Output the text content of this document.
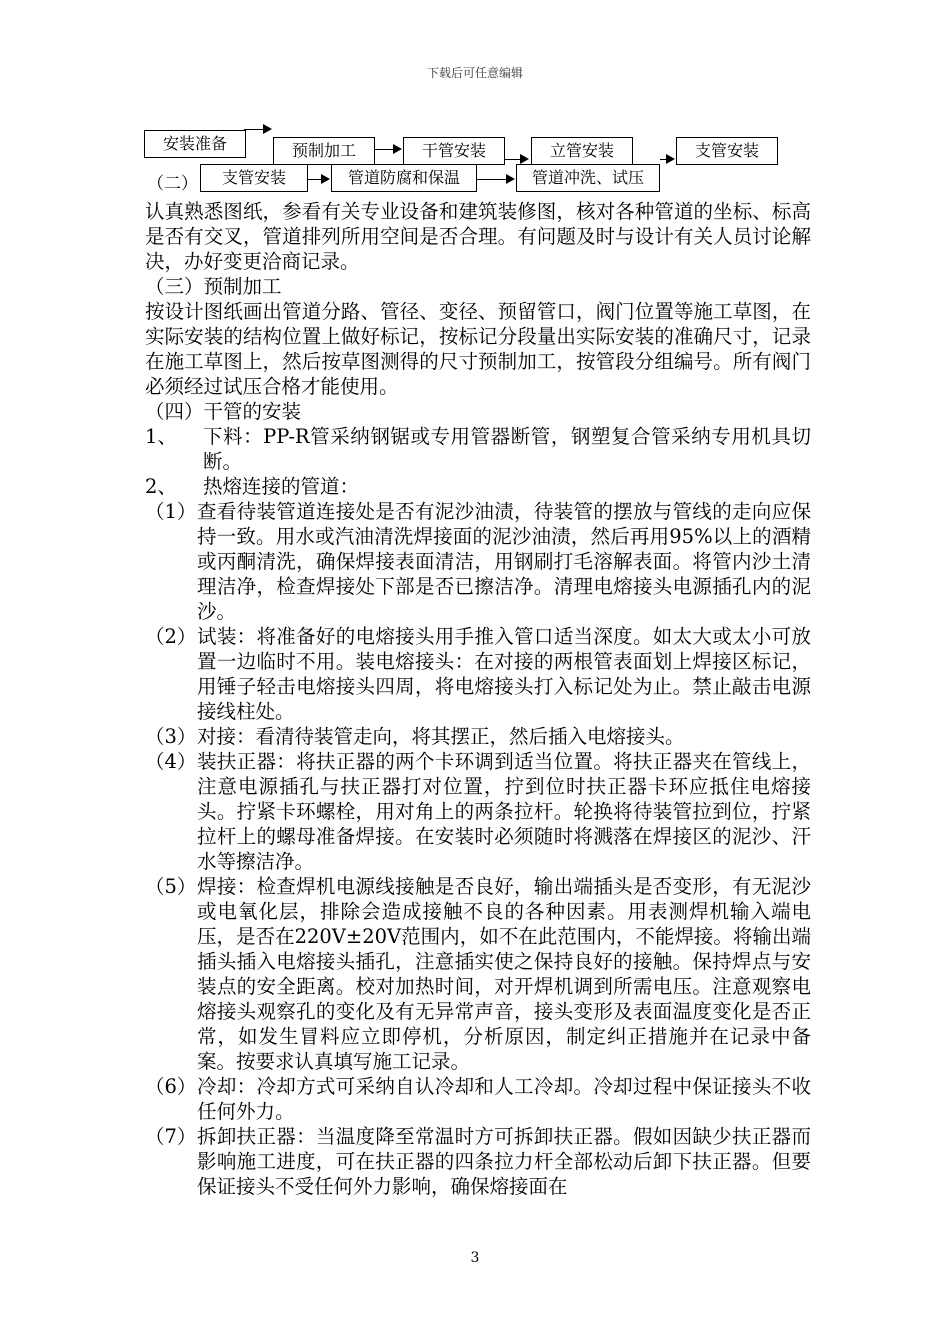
下载后可任意编辑
安装准备	预制加工	干管安装	立管安装	支管安装
支管安装	管道防腐和保温	管道冲洗、试压
（二）

认真熟悉图纸，参看有关专业设备和建筑装修图，核对各种管道的坐标、标高是否有交叉，管道排列所用空间是否合理。有问题及时与设计有关人员讨论解决，办好变更洽商记录。

（三）预制加工

按设计图纸画出管道分路、管径、变径、预留管口，阀门位置等施工草图，在实际安装的结构位置上做好标记，按标记分段量出实际安装的准确尺寸，记录在施工草图上，然后按草图测得的尺寸预制加工，按管段分组编号。所有阀门必须经过试压合格才能使用。

（四）干管的安装

1、	下料：PP-R管采纳钢锯或专用管器断管，钢塑复合管采纳专用机具切断。
2、	热熔连接的管道：
（1） 查看待装管道连接处是否有泥沙油渍，待装管的摆放与管线的走向应保持一致。用水或汽油清洗焊接面的泥沙油渍，然后再用95%以上的酒精或丙酮清洗，确保焊接表面清洁，用钢刷打毛溶解表面。将管内沙土清理洁净，检查焊接处下部是否已擦洁净。清理电熔接头电源插孔内的泥沙。
（2） 试装：将准备好的电熔接头用手推入管口适当深度。如太大或太小可放置一边临时不用。装电熔接头：在对接的两根管表面划上焊接区标记，用锤子轻击电熔接头四周，将电熔接头打入标记处为止。禁止敲击电源接线柱处。
（3） 对接：看清待装管走向，将其摆正，然后插入电熔接头。
（4） 装扶正器：将扶正器的两个卡环调到适当位置。将扶正器夹在管线上，注意电源插孔与扶正器打对位置，拧到位时扶正器卡环应抵住电熔接头。拧紧卡环螺栓，用对角上的两条拉杆。轮换将待装管拉到位，拧紧拉杆上的螺母准备焊接。在安装时必须随时将溅落在焊接区的泥沙、汗水等擦洁净。
（5） 焊接：检查焊机电源线接触是否良好，输出端插头是否变形，有无泥沙或电氧化层，排除会造成接触不良的各种因素。用表测焊机输入端电压，是否在220V±20V范围内，如不在此范围内，不能焊接。将输出端插头插入电熔接头插孔，注意插实使之保持良好的接触。保持焊点与安装点的安全距离。校对加热时间，对开焊机调到所需电压。注意观察电熔接头观察孔的变化及有无异常声音，接头变形及表面温度变化是否正常，如发生冒料应立即停机，分析原因，制定纠正措施并在记录中备案。按要求认真填写施工记录。
（6） 冷却：冷却方式可采纳自认冷却和人工冷却。冷却过程中保证接头不收任何外力。
（7） 拆卸扶正器：当温度降至常温时方可拆卸扶正器。假如因缺少扶正器而影响施工进度，可在扶正器的四条拉力杆全部松动后卸下扶正器。但要保证接头不受任何外力影响，确保熔接面在
3
